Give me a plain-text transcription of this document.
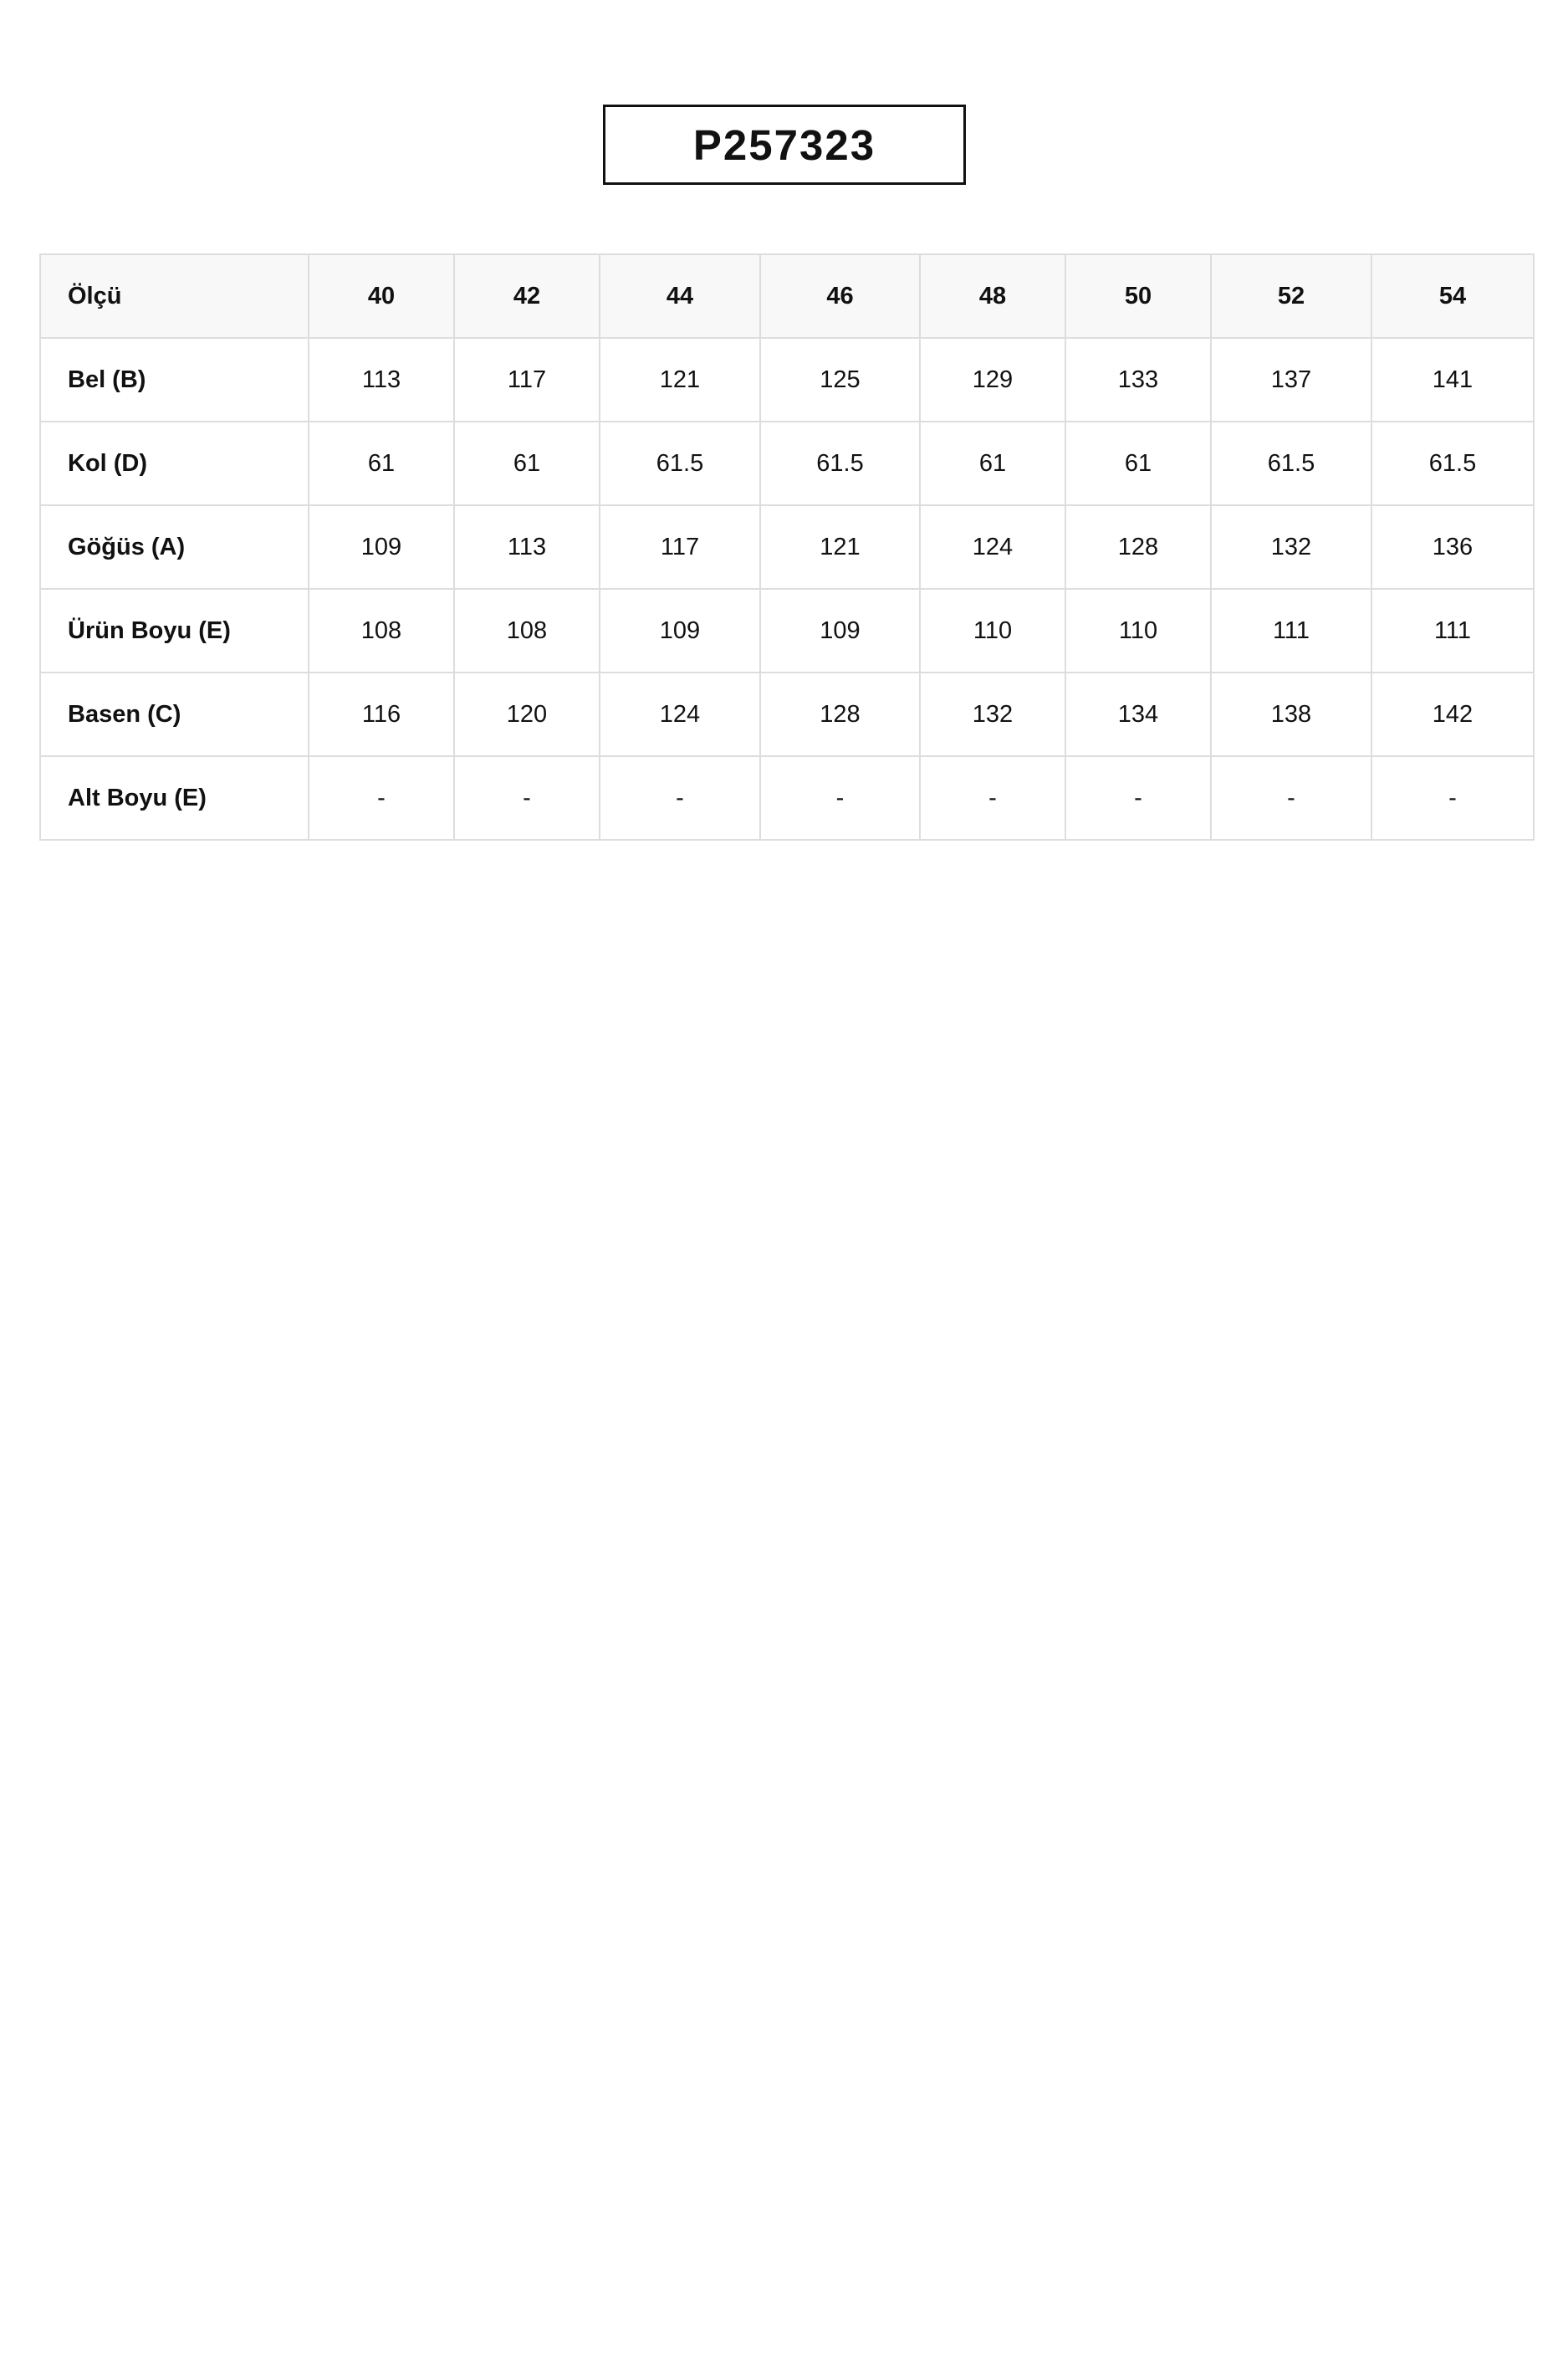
P257323
Ölçü	40	42	44	46	48	50	52	54
Bel (B)	113	117	121	125	129	133	137	141
Kol (D)	61	61	61.5	61.5	61	61	61.5	61.5
Göğüs (A)	109	113	117	121	124	128	132	136
Ürün Boyu (E)	108	108	109	109	110	110	111	111
Basen (C)	116	120	124	128	132	134	138	142
Alt Boyu (E)	-	-	-	-	-	-	-	-
